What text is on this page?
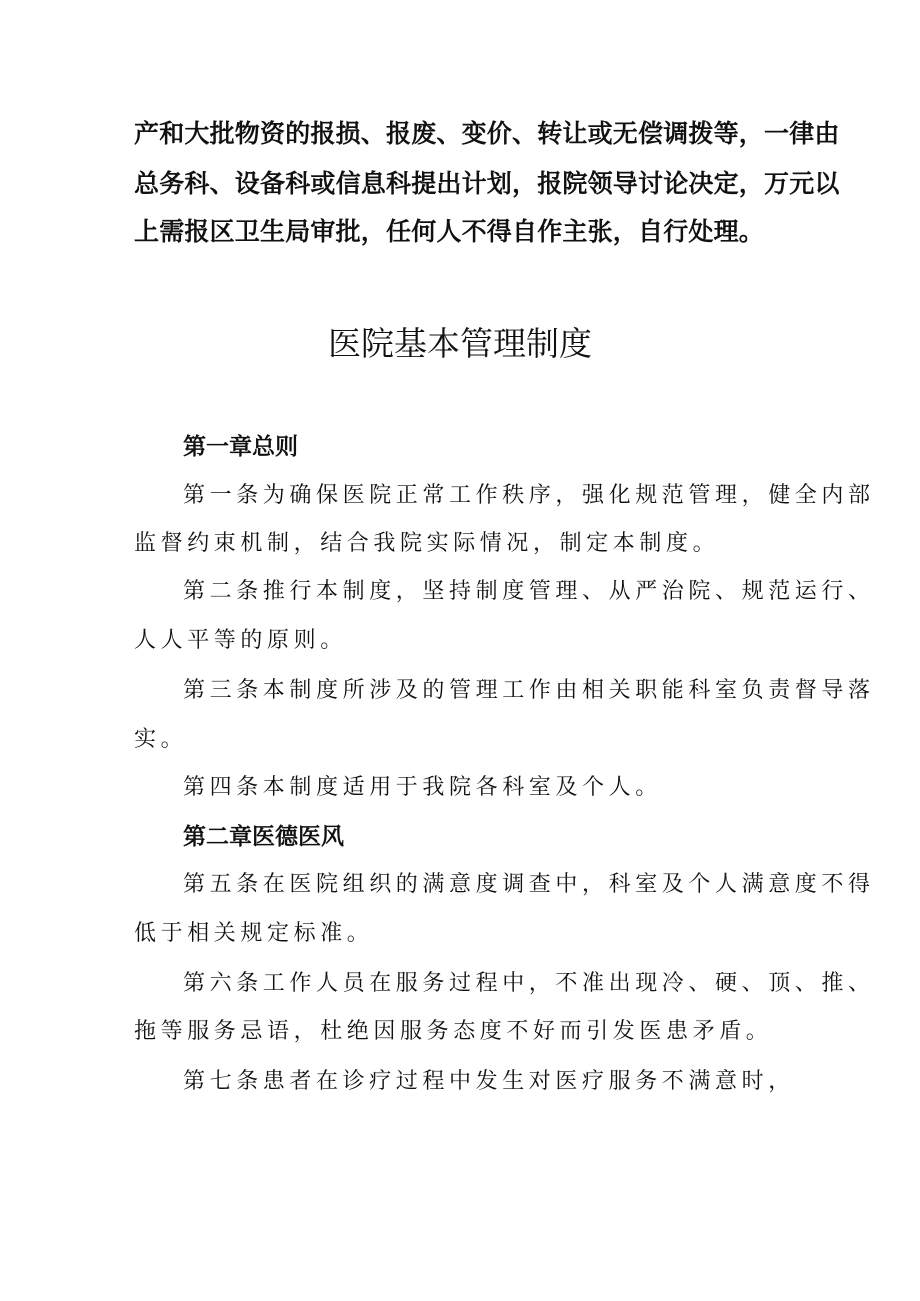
产和大批物资的报损、报废、变价、转让或无偿调拨等，一律由

总务科、设备科或信息科提出计划，报院领导讨论决定，万元以

上需报区卫生局审批，任何人不得自作主张，自行处理。

医院基本管理制度

第一章总则

第一条为确保医院正常工作秩序，强化规范管理，健全内部

监督约束机制，结合我院实际情况，制定本制度。

第二条推行本制度，坚持制度管理、从严治院、规范运行、

人人平等的原则。

第三条本制度所涉及的管理工作由相关职能科室负责督导落

实。

第四条本制度适用于我院各科室及个人。

第二章医德医风

第五条在医院组织的满意度调查中，科室及个人满意度不得

低于相关规定标准。

第六条工作人员在服务过程中，不准出现冷、硬、顶、推、

拖等服务忌语，杜绝因服务态度不好而引发医患矛盾。

第七条患者在诊疗过程中发生对医疗服务不满意时，
